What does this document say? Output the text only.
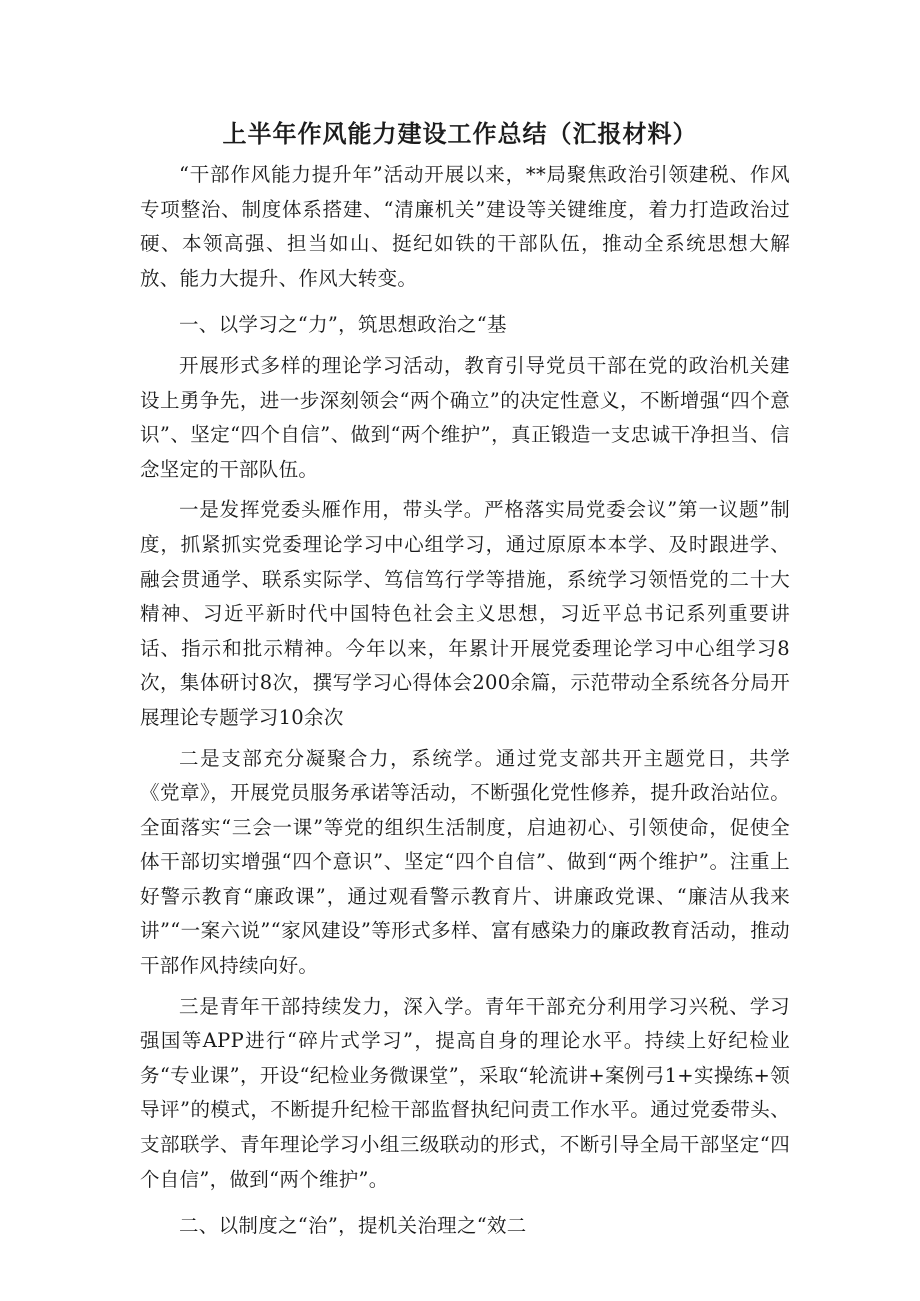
上半年作风能力建设工作总结（汇报材料）

“干部作风能力提升年”活动开展以来，**局聚焦政治引领建税、作风专项整治、制度体系搭建、“清廉机关”建设等关键维度，着力打造政治过硬、本领高强、担当如山、挺纪如铁的干部队伍，推动全系统思想大解放、能力大提升、作风大转变。

一、以学习之“力”，筑思想政治之“基

开展形式多样的理论学习活动，教育引导党员干部在党的政治机关建设上勇争先，进一步深刻领会“两个确立”的决定性意义，不断增强“四个意识”、坚定“四个自信”、做到“两个维护”，真正锻造一支忠诚干净担当、信念坚定的干部队伍。

一是发挥党委头雁作用，带头学。严格落实局党委会议”第一议题”制度，抓紧抓实党委理论学习中心组学习，通过原原本本学、及时跟进学、融会贯通学、联系实际学、笃信笃行学等措施，系统学习领悟党的二十大精神、习近平新时代中国特色社会主义思想，习近平总书记系列重要讲话、指示和批示精神。今年以来，年累计开展党委理论学习中心组学习8次，集体研讨8次，撰写学习心得体会200余篇，示范带动全系统各分局开展理论专题学习10余次

二是支部充分凝聚合力，系统学。通过党支部共开主题党日，共学《党章》，开展党员服务承诺等活动，不断强化党性修养，提升政治站位。全面落实“三会一课”等党的组织生活制度，启迪初心、引领使命，促使全体干部切实增强“四个意识”、坚定“四个自信”、做到“两个维护”。注重上好警示教育“廉政课”，通过观看警示教育片、讲廉政党课、“廉洁从我来讲”“一案六说”“家风建设”等形式多样、富有感染力的廉政教育活动，推动干部作风持续向好。

三是青年干部持续发力，深入学。青年干部充分利用学习兴税、学习强国等APP进行“碎片式学习”，提高自身的理论水平。持续上好纪检业务“专业课”，开设“纪检业务微课堂”，采取“轮流讲+案例弓1+实操练+领导评”的模式，不断提升纪检干部监督执纪问责工作水平。通过党委带头、支部联学、青年理论学习小组三级联动的形式，不断引导全局干部坚定“四个自信”，做到“两个维护”。

二、以制度之“治”，提机关治理之“效二
